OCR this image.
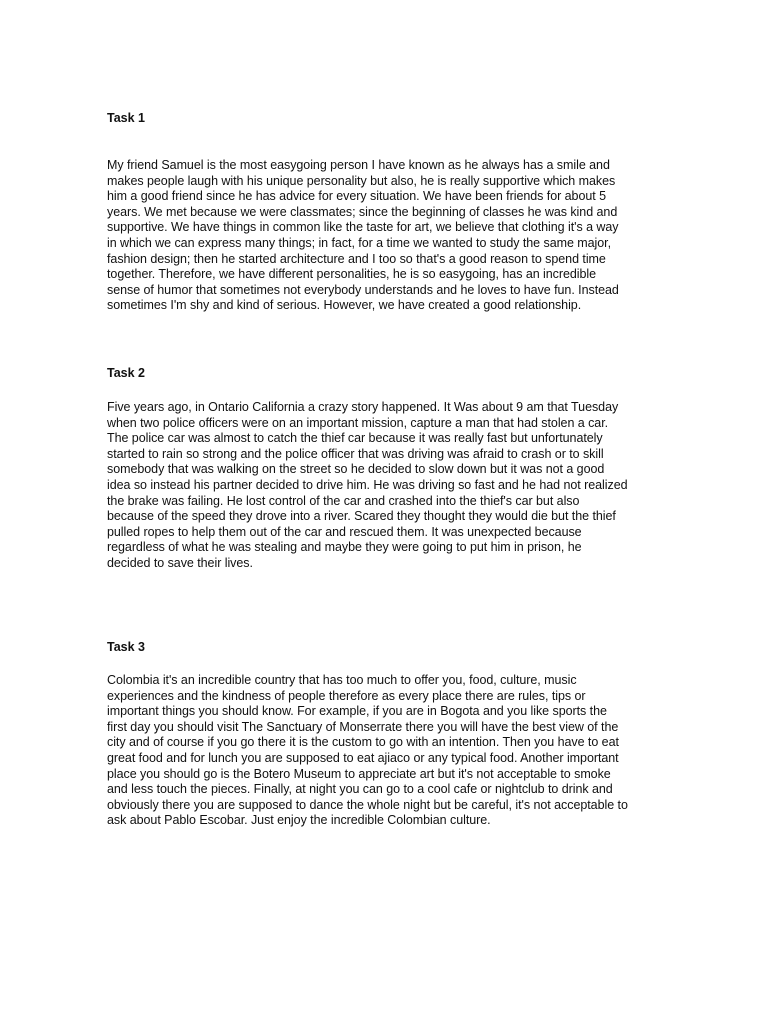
Task 1
My friend Samuel is the most easygoing person I have known as he always has a smile and
makes people laugh with his unique personality but also, he is really supportive which makes
him a good friend since he has advice for every situation. We have been friends for about 5
years. We met because we were classmates; since the beginning of classes he was kind and
supportive. We have things in common like the taste for art, we believe that clothing it's a way
in which we can express many things; in fact, for a time we wanted to study the same major,
fashion design; then he started architecture and I too so that's a good reason to spend time
together. Therefore, we have different personalities, he is so easygoing, has an incredible
sense of humor that sometimes not everybody understands and he loves to have fun. Instead
sometimes I'm shy and kind of serious. However, we have created a good relationship.
Task 2
Five years ago, in Ontario California a crazy story happened. It Was about 9 am that Tuesday
when two police officers were on an important mission, capture a man that had stolen a car.
The police car was almost to catch the thief car because it was really fast but unfortunately
started to rain so strong and the police officer that was driving was afraid to crash or to skill
somebody that was walking on the street so he decided to slow down but it was not a good
idea so instead his partner decided to drive him. He was driving so fast and he had not realized
the brake was failing. He lost control of the car and crashed into the thief's car but also
because of the speed they drove into a river. Scared they thought they would die but the thief
pulled ropes to help them out of the car and rescued them. It was unexpected because
regardless of what he was stealing and maybe they were going to put him in prison, he
decided to save their lives.
Task 3
Colombia it's an incredible country that has too much to offer you, food, culture, music
experiences and the kindness of people therefore as every place there are rules, tips or
important things you should know. For example, if you are in Bogota and you like sports the
first day you should visit The Sanctuary of Monserrate there you will have the best view of the
city and of course if you go there it is the custom to go with an intention. Then you have to eat
great food and for lunch you are supposed to eat ajiaco or any typical food. Another important
place you should go is the Botero Museum to appreciate art but it's not acceptable to smoke
and less touch the pieces. Finally, at night you can go to a cool cafe or nightclub to drink and
obviously there you are supposed to dance the whole night but be careful, it's not acceptable to
ask about Pablo Escobar. Just enjoy the incredible Colombian culture.
